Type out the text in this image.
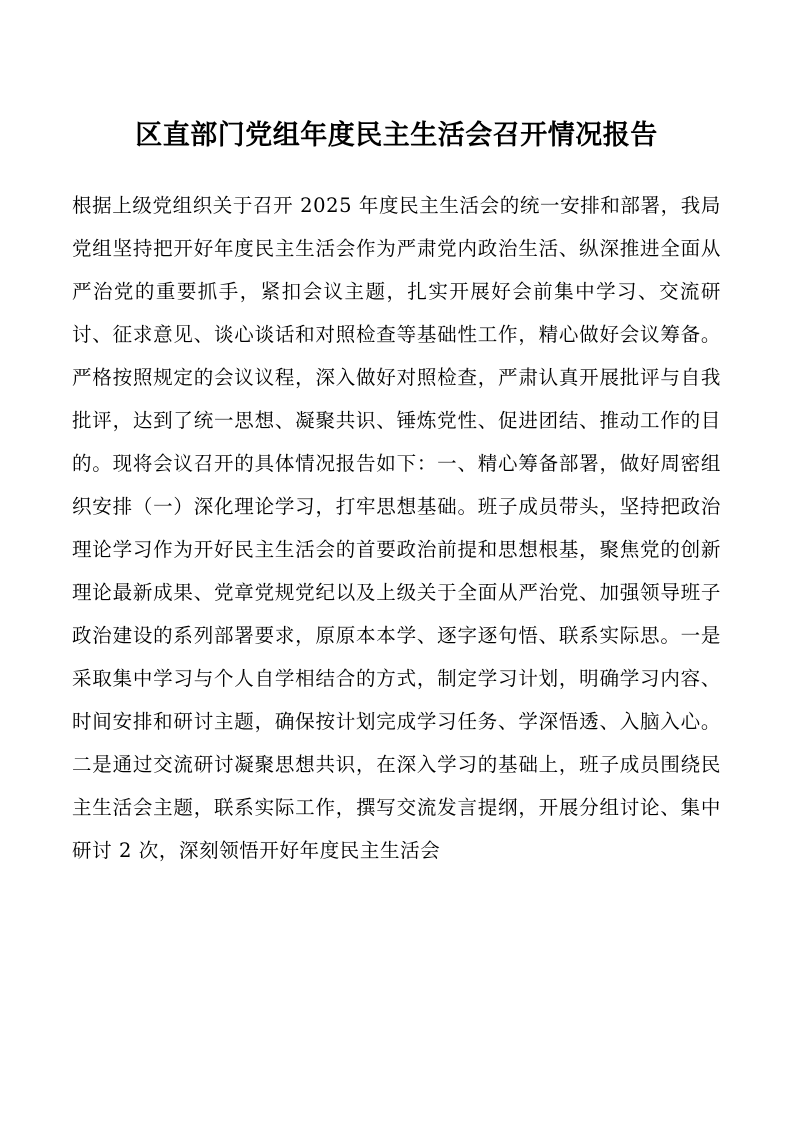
区直部门党组年度民主生活会召开情况报告

根据上级党组织关于召开 2025 年度民主生活会的统一安排和部署，我局党组坚持把开好年度民主生活会作为严肃党内政治生活、纵深推进全面从严治党的重要抓手，紧扣会议主题，扎实开展好会前集中学习、交流研讨、征求意见、谈心谈话和对照检查等基础性工作，精心做好会议筹备。严格按照规定的会议议程，深入做好对照检查，严肃认真开展批评与自我批评，达到了统一思想、凝聚共识、锤炼党性、促进团结、推动工作的目的。现将会议召开的具体情况报告如下：一、精心筹备部署，做好周密组织安排（一）深化理论学习，打牢思想基础。班子成员带头，坚持把政治理论学习作为开好民主生活会的首要政治前提和思想根基，聚焦党的创新理论最新成果、党章党规党纪以及上级关于全面从严治党、加强领导班子政治建设的系列部署要求，原原本本学、逐字逐句悟、联系实际思。一是采取集中学习与个人自学相结合的方式，制定学习计划，明确学习内容、时间安排和研讨主题，确保按计划完成学习任务、学深悟透、入脑入心。二是通过交流研讨凝聚思想共识，在深入学习的基础上，班子成员围绕民主生活会主题，联系实际工作，撰写交流发言提纲，开展分组讨论、集中研讨 2 次，深刻领悟开好年度民主生活会
